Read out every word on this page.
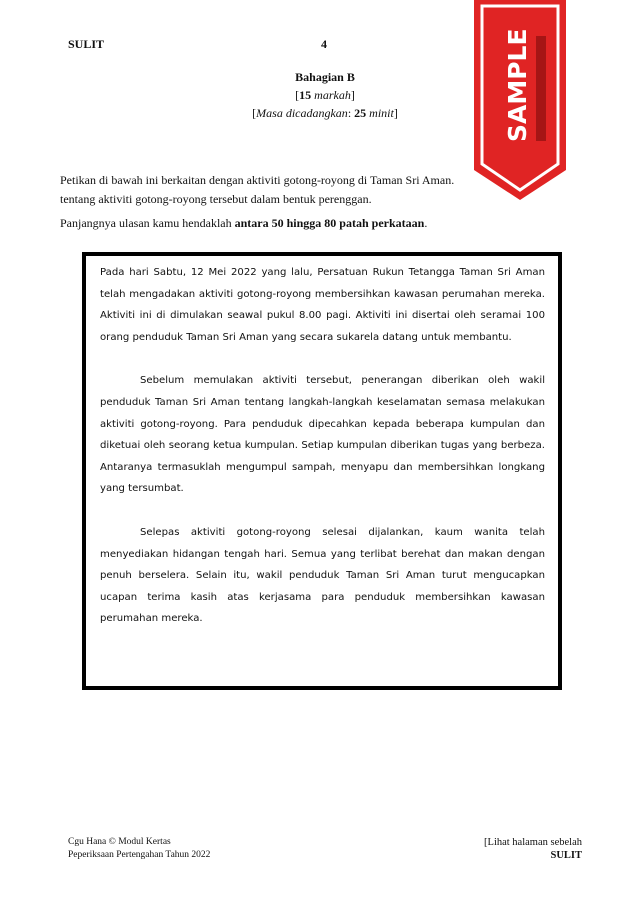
SULIT	4
Bahagian B
[15 markah]
[Masa dicadangkan: 25 minit]
Petikan di bawah ini berkaitan dengan aktiviti gotong-royong di Taman Sri Aman.
tentang aktiviti gotong-royong tersebut dalam bentuk perenggan.
Panjangnya ulasan kamu hendaklah antara 50 hingga 80 patah perkataan.

Pada hari Sabtu, 12 Mei 2022 yang lalu, Persatuan Rukun Tetangga Taman Sri Aman telah mengadakan aktiviti gotong-royong membersihkan kawasan perumahan mereka. Aktiviti ini di dimulakan seawal pukul 8.00 pagi. Aktiviti ini disertai oleh seramai 100 orang penduduk Taman Sri Aman yang secara sukarela datang untuk membantu.

Sebelum memulakan aktiviti tersebut, penerangan diberikan oleh wakil penduduk Taman Sri Aman tentang langkah-langkah keselamatan semasa melakukan aktiviti gotong-royong. Para penduduk dipecahkan kepada beberapa kumpulan dan diketuai oleh seorang ketua kumpulan. Setiap kumpulan diberikan tugas yang berbeza. Antaranya termasuklah mengumpul sampah, menyapu dan membersihkan longkang yang tersumbat.

Selepas aktiviti gotong-royong selesai dijalankan, kaum wanita telah menyediakan hidangan tengah hari. Semua yang terlibat berehat dan makan dengan penuh berselera. Selain itu, wakil penduduk Taman Sri Aman turut mengucapkan ucapan terima kasih atas kerjasama para penduduk membersihkan kawasan perumahan mereka.

Cgu Hana © Modul Kertas
Peperiksaan Pertengahan Tahun 2022
[Lihat halaman sebelah
SULIT
SAMPLE
